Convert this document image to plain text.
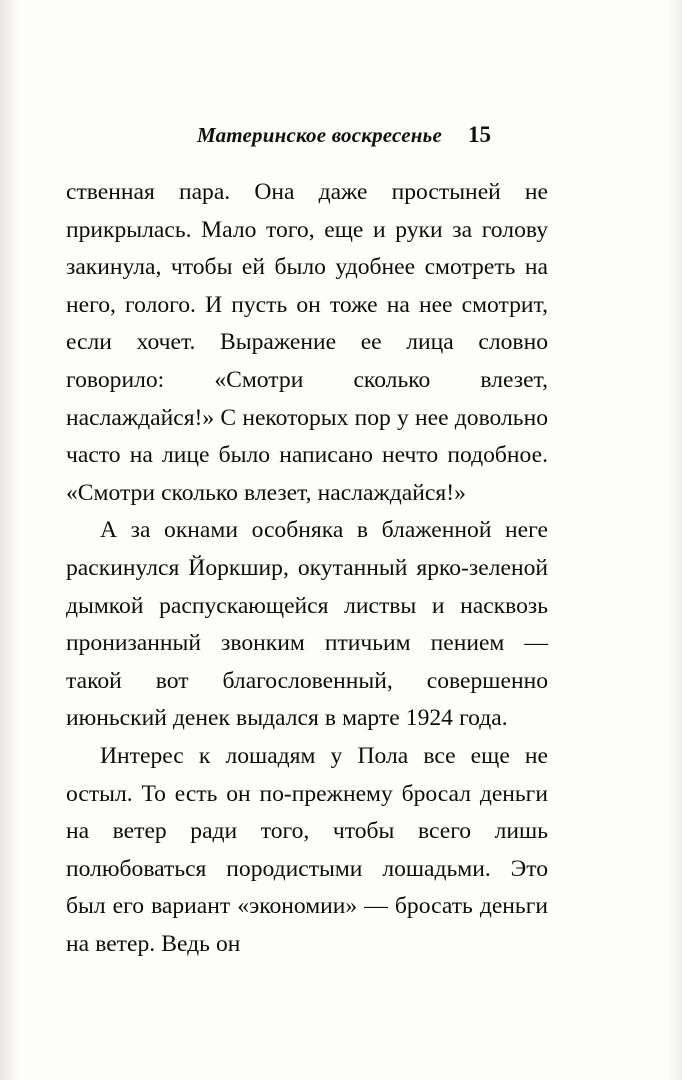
Материнское воскресенье 15

ственная пара. Она даже простыней не прикрылась. Мало того, еще и руки за голову закинула, чтобы ей было удобнее смотреть на него, голого. И пусть он тоже на нее смотрит, если хочет. Выражение ее лица словно говорило: «Смотри сколько влезет, наслаждайся!» С некоторых пор у нее довольно часто на лице было написано нечто подобное. «Смотри сколько влезет, наслаждайся!»

А за окнами особняка в блаженной неге раскинулся Йоркшир, окутанный ярко-зеленой дымкой распускающейся листвы и насквозь пронизанный звонким птичьим пением — такой вот благословенный, совершенно июньский денек выдался в марте 1924 года.

Интерес к лошадям у Пола все еще не остыл. То есть он по-прежнему бросал деньги на ветер ради того, чтобы всего лишь полюбоваться породистыми лошадьми. Это был его вариант «экономии» — бросать деньги на ветер. Ведь он
